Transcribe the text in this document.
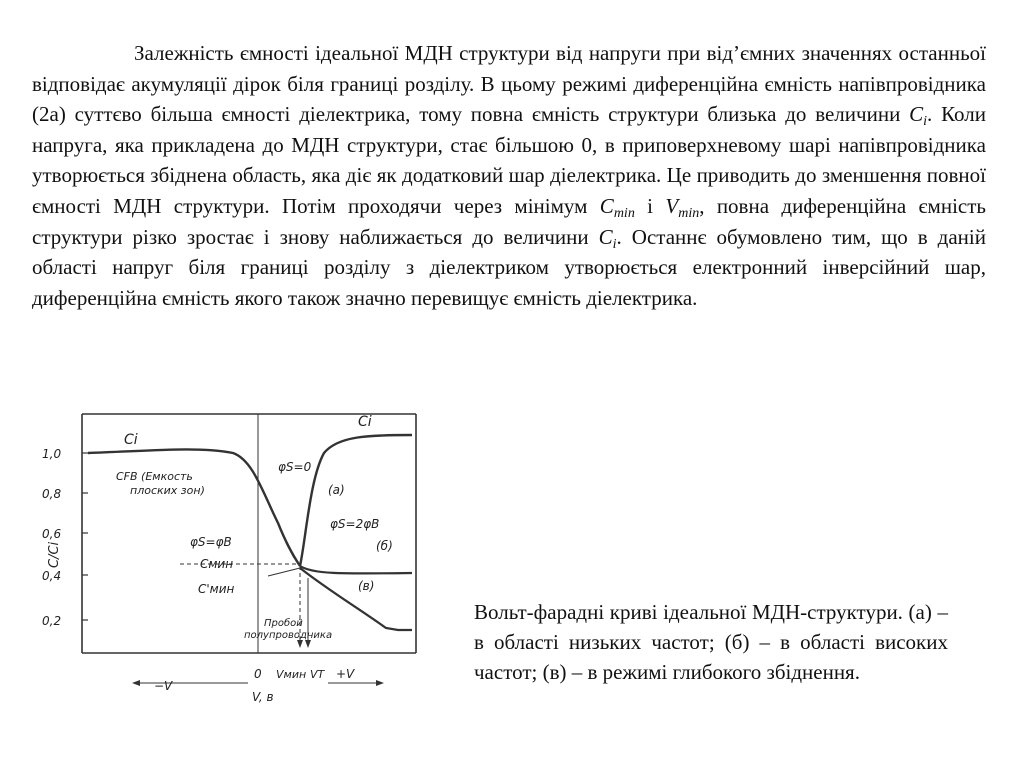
Залежність ємності ідеальної МДН структури від напруги при від’ємних значеннях останньої відповідає акумуляції дірок біля границі розділу. В цьому режимі диференційна ємність напівпровідника (2а) суттєво більша ємності діелектрика, тому повна ємність структури близька до величини $C_i$. Коли напруга, яка прикладена до МДН структури, стає більшою 0, в приповерхневому шарі напівпровідника утворюється збіднена область, яка діє як додатковий шар діелектрика. Це приводить до зменшення повної ємності МДН структури. Потім проходячи через мінімум $C_{min}$ і $V_{min}$, повна диференційна ємність структури різко зростає і знову наближається до величини $C_i$. Останнє обумовлено тим, що в даній області напруг біля границі розділу з діелектриком утворюється електронний інверсійний шар, диференційна ємність якого також значно перевищує ємність діелектрика.

1,0
0,8
0,6
0,4
0,2
C/Ci
Ci
Ci
CFB (Емкость
плоских зон)
φS=0
(a)
φS=2φB
(б)
φS=φB
Cмин
C'мин	(в)
Пробой
полупроводника
0 Vмин VT
−V
+V
V, в

Вольт-фарадні криві ідеальної МДН-структури. (а) – в області низьких частот; (б) – в області високих частот; (в) – в режимі глибокого збіднення.
